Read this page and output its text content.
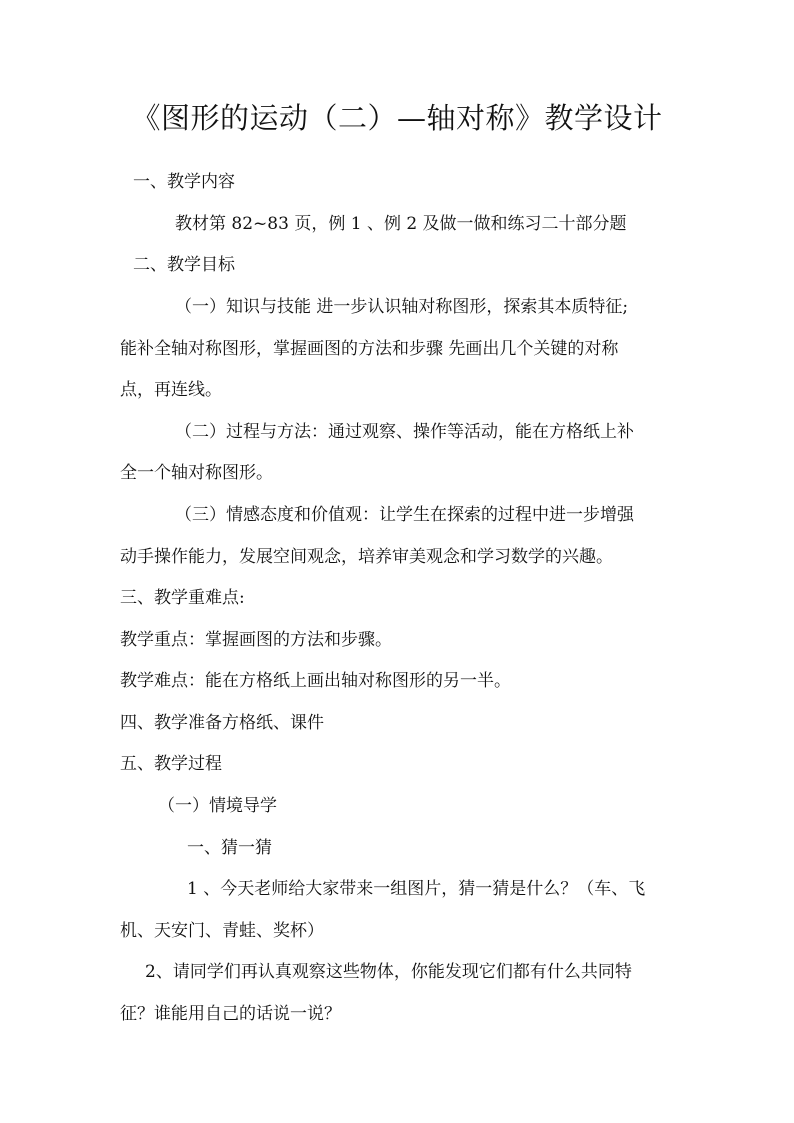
《图形的运动（二）—轴对称》教学设计
一、教学内容
教材第 82~83 页，例 1 、例 2 及做一做和练习二十部分题
二、教学目标
（一）知识与技能 进一步认识轴对称图形，探索其本质特征;
能补全轴对称图形，掌握画图的方法和步骤 先画出几个关键的对称
点，再连线。
（二）过程与方法：通过观察、操作等活动，能在方格纸上补
全一个轴对称图形。
（三）情感态度和价值观：让学生在探索的过程中进一步增强
动手操作能力，发展空间观念，培养审美观念和学习数学的兴趣。
三、教学重难点:
教学重点：掌握画图的方法和步骤。
教学难点：能在方格纸上画出轴对称图形的另一半。
四、教学准备方格纸、课件
五、教学过程
（一）情境导学
一、猜一猜
1 、今天老师给大家带来一组图片，猜一猜是什么？（车、飞
机、天安门、青蛙、奖杯）
2、请同学们再认真观察这些物体，你能发现它们都有什么共同特
征？谁能用自己的话说一说？
